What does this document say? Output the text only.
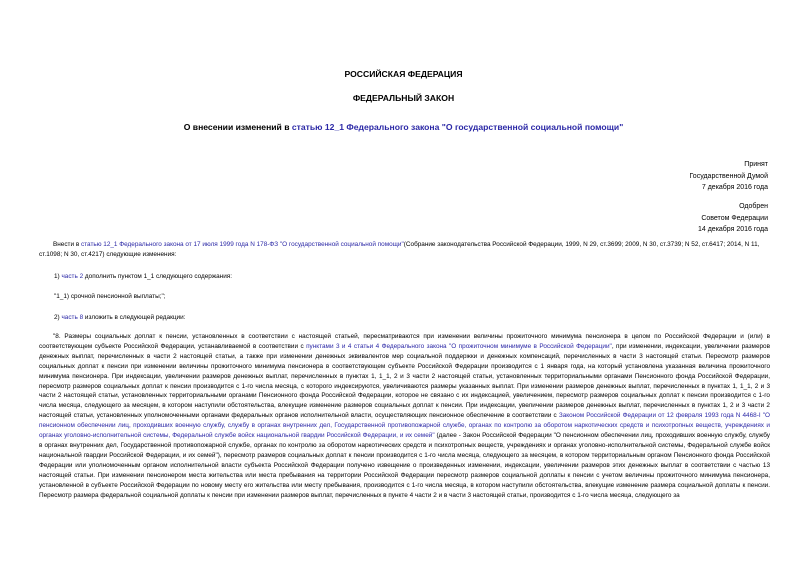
РОССИЙСКАЯ ФЕДЕРАЦИЯ
ФЕДЕРАЛЬНЫЙ ЗАКОН
О внесении изменений в статью 12_1 Федерального закона "О государственной социальной помощи"
Принят
Государственной Думой
7 декабря 2016 года
Одобрен
Советом Федерации
14 декабря 2016 года
Внести в статью 12_1 Федерального закона от 17 июля 1999 года N 178-ФЗ "О государственной социальной помощи"(Собрание законодательства Российской Федерации, 1999, N 29, ст.3699; 2009, N 30, ст.3739; N 52, ст.6417; 2014, N 11, ст.1098; N 30, ст.4217) следующие изменения:
1) часть 2 дополнить пунктом 1_1 следующего содержания:
"1_1) срочной пенсионной выплаты;";
2) часть 8 изложить в следующей редакции:
"8. Размеры социальных доплат к пенсии, установленных в соответствии с настоящей статьей, пересматриваются при изменении величины прожиточного минимума пенсионера в целом по Российской Федерации и (или) в соответствующем субъекте Российской Федерации, устанавливаемой в соответствии с пунктами 3 и 4 статьи 4 Федерального закона "О прожиточном минимуме в Российской Федерации", при изменении, индексации, увеличении размеров денежных выплат, перечисленных в части 2 настоящей статьи, а также при изменении денежных эквивалентов мер социальной поддержки и денежных компенсаций, перечисленных в части 3 настоящей статьи. Пересмотр размеров социальных доплат к пенсии при изменении величины прожиточного минимума пенсионера в соответствующем субъекте Российской Федерации производится с 1 января года, на который установлена указанная величина прожиточного минимума пенсионера. При индексации, увеличении размеров денежных выплат, перечисленных в пунктах 1, 1_1, 2 и 3 части 2 настоящей статьи, установленных территориальными органами Пенсионного фонда Российской Федерации, пересмотр размеров социальных доплат к пенсии производится с 1-го числа месяца, с которого индексируются, увеличиваются размеры указанных выплат. При изменении размеров денежных выплат, перечисленных в пунктах 1, 1_1, 2 и 3 части 2 настоящей статьи, установленных территориальными органами Пенсионного фонда Российской Федерации, которое не связано с их индексацией, увеличением, пересмотр размеров социальных доплат к пенсии производится с 1-го числа месяца, следующего за месяцем, в котором наступили обстоятельства, влекущие изменение размеров социальных доплат к пенсии. При индексации, увеличении размеров денежных выплат, перечисленных в пунктах 1, 2 и 3 части 2 настоящей статьи, установленных уполномоченными органами федеральных органов исполнительной власти, осуществляющих пенсионное обеспечение в соответствии с Законом Российской Федерации от 12 февраля 1993 года N 4468-I "О пенсионном обеспечении лиц, проходивших военную службу, службу в органах внутренних дел, Государственной противопожарной службе, органах по контролю за оборотом наркотических средств и психотропных веществ, учреждениях и органах уголовно-исполнительной системы, Федеральной службе войск национальной гвардии Российской Федерации, и их семей" (далее - Закон Российской Федерации "О пенсионном обеспечении лиц, проходивших военную службу, службу в органах внутренних дел, Государственной противопожарной службе, органах по контролю за оборотом наркотических средств и психотропных веществ, учреждениях и органах уголовно-исполнительной системы, Федеральной службе войск национальной гвардии Российской Федерации, и их семей"), пересмотр размеров социальных доплат к пенсии производится с 1-го числа месяца, следующего за месяцем, в котором территориальным органом Пенсионного фонда Российской Федерации или уполномоченным органом исполнительной власти субъекта Российской Федерации получено извещение о произведенных изменении, индексации, увеличении размеров этих денежных выплат в соответствии с частью 13 настоящей статьи. При изменении пенсионером места жительства или места пребывания на территории Российской Федерации пересмотр размеров социальной доплаты к пенсии с учетом величины прожиточного минимума пенсионера, установленной в субъекте Российской Федерации по новому месту его жительства или месту пребывания, производится с 1-го числа месяца, в котором наступили обстоятельства, влекущие изменение размера социальной доплаты к пенсии. Пересмотр размера федеральной социальной доплаты к пенсии при изменении размеров выплат, перечисленных в пункте 4 части 2 и в части 3 настоящей статьи, производится с 1-го числа месяца, следующего за
